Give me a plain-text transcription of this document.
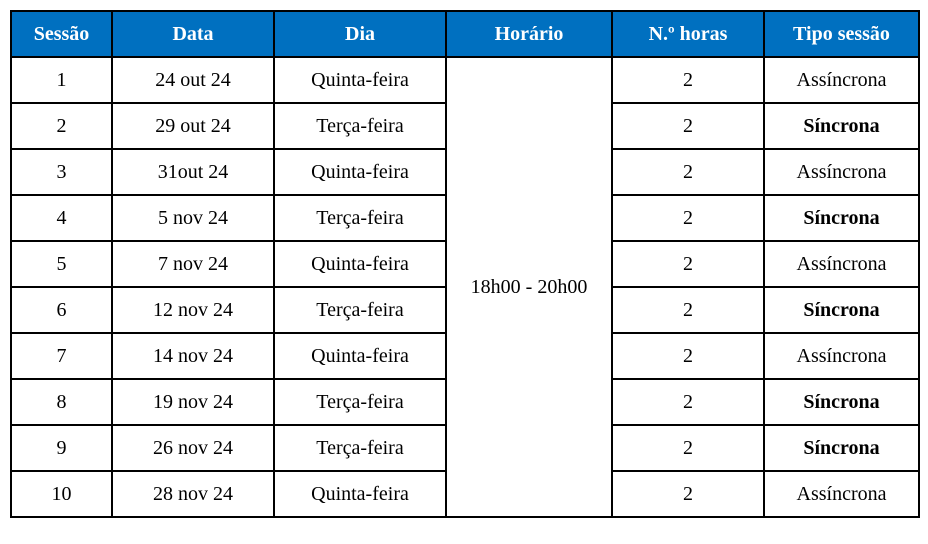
Sessão	Data	Dia	Horário	N.º horas	Tipo sessão
1	24 out 24	Quinta-feira	18h00 - 20h00	2	Assíncrona
2	29 out 24	Terça-feira		2	Síncrona
3	31out 24	Quinta-feira		2	Assíncrona
4	5 nov 24	Terça-feira		2	Síncrona
5	7 nov 24	Quinta-feira		2	Assíncrona
6	12 nov 24	Terça-feira		2	Síncrona
7	14 nov 24	Quinta-feira		2	Assíncrona
8	19 nov 24	Terça-feira		2	Síncrona
9	26 nov 24	Terça-feira		2	Síncrona
10	28 nov 24	Quinta-feira		2	Assíncrona
